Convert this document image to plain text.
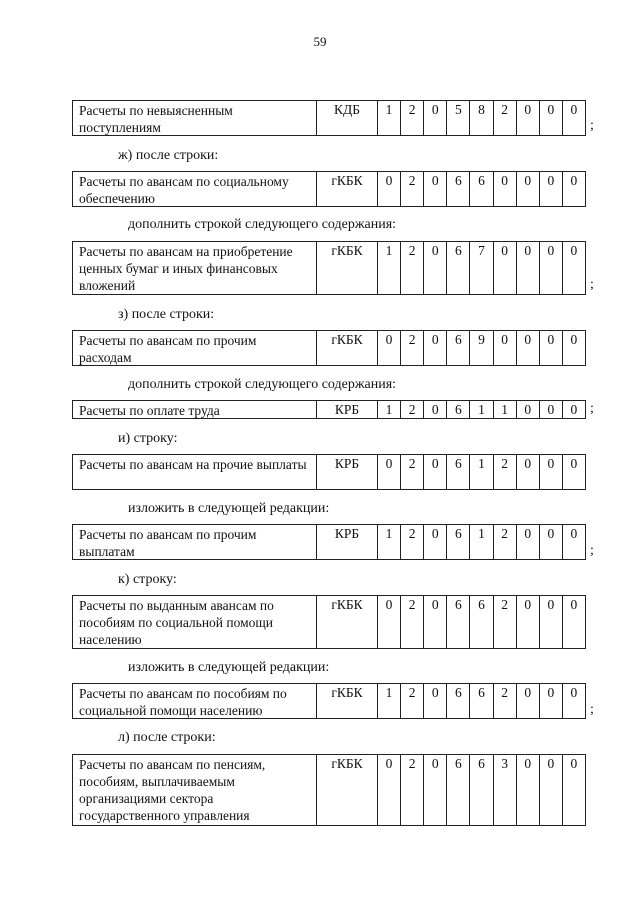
59
Расчеты по невыясненным поступлениям
КДБ	1	2	0	5	8	2	0	0	0
;
ж) после строки:
Расчеты по авансам по социальному обеспечению
гКБК	0	2	0	6	6	0	0	0	0
дополнить строкой следующего содержания:
Расчеты по авансам на приобретение ценных бумаг и иных финансовых вложений
гКБК	1	2	0	6	7	0	0	0	0
;
з) после строки:
Расчеты по авансам по прочим расходам
гКБК	0	2	0	6	9	0	0	0	0
дополнить строкой следующего содержания:
Расчеты по оплате труда	КРБ	1	2	0	6	1	1	0	0	0 ;
и) строку:
Расчеты по авансам на прочие выплаты	КРБ	0	2	0	6	1	2	0	0	0
изложить в следующей редакции:
Расчеты по авансам по прочим выплатам
КРБ	1	2	0	6	1	2	0	0	0
;
к) строку:
Расчеты по выданным авансам по пособиям по социальной помощи населению
гКБК	0	2	0	6	6	2	0	0	0
изложить в следующей редакции:
Расчеты по авансам по пособиям по социальной помощи населению
гКБК	1	2	0	6	6	2	0	0	0
;
л) после строки:
Расчеты по авансам по пенсиям, пособиям, выплачиваемым организациями сектора государственного управления
гКБК	0	2	0	6	6	3	0	0	0
